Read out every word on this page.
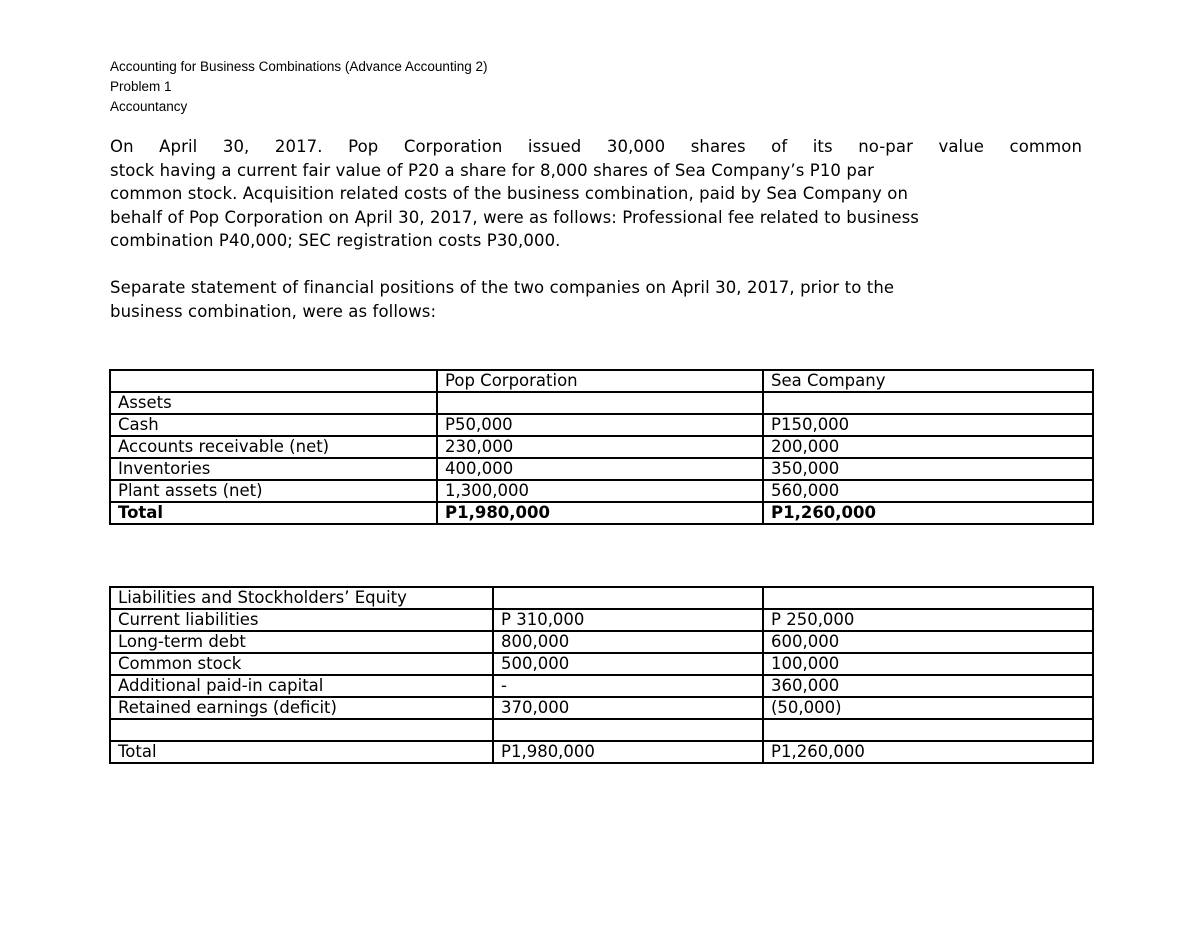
Accounting for Business Combinations (Advance Accounting 2)
Problem 1
Accountancy
On April 30, 2017. Pop Corporation issued 30,000 shares of its no-par value common
stock having a current fair value of P20 a share for 8,000 shares of Sea Company’s P10 par
common stock. Acquisition related costs of the business combination, paid by Sea Company on
behalf of Pop Corporation on April 30, 2017, were as follows: Professional fee related to business
combination P40,000; SEC registration costs P30,000.
Separate statement of financial positions of the two companies on April 30, 2017, prior to the
business combination, were as follows:
	Pop Corporation	Sea Company
Assets		
Cash	P50,000	P150,000
Accounts receivable (net)	230,000	200,000
Inventories	400,000	350,000
Plant assets (net)	1,300,000	560,000
Total	P1,980,000	P1,260,000
Liabilities and Stockholders’ Equity		
Current liabilities	P 310,000	P 250,000
Long-term debt	800,000	600,000
Common stock	500,000	100,000
Additional paid-in capital	-	360,000
Retained earnings (deficit)	370,000	(50,000)

Total	P1,980,000	P1,260,000
